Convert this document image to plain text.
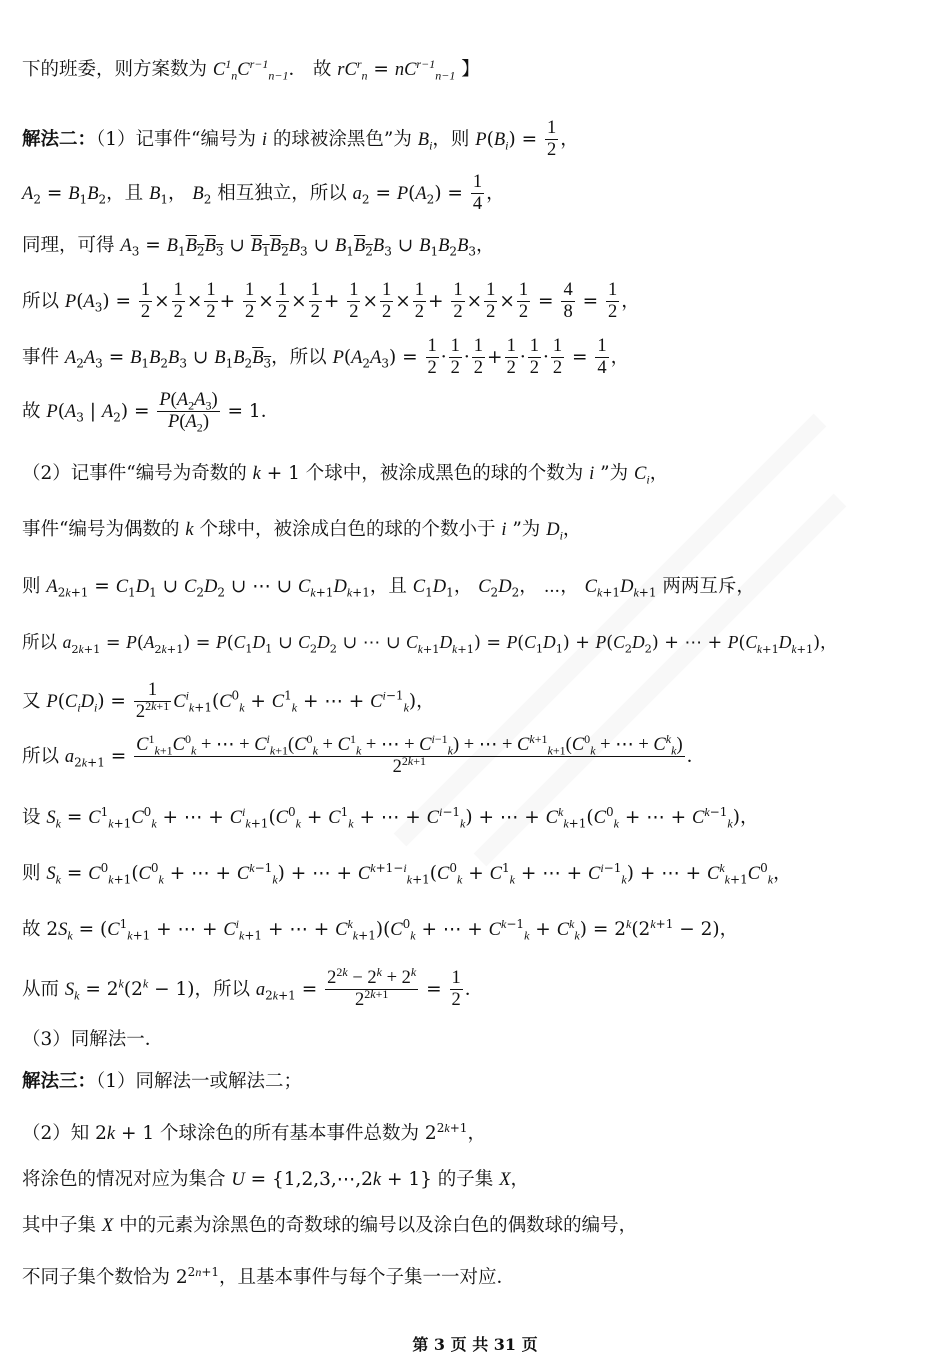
下的班委，则方案数为 $C^1_nC^{r-1}_{n-1}$． 故 $rC^r_n = nC^{r-1}_{n-1}$ 】
解法二：（1）记事件“编号为 i 的球被涂黑色”为 $B_i$，则 $P(B_i) = \frac{1}{2}$ ，
$A_2 = B_1B_2$，且 $B_1$， $B_2$ 相互独立，所以 $a_2 = P(A_2) = \frac{1}{4}$ ，
同理，可得 $A_3 = B_1B_2B_3$ ∪ $B_1B_2B_3$ ∪ $B_1B_2B_3$ ∪ $B_1B_2B_3$，
所以 $P(A_3) = \frac{1}{2} \times \frac{1}{2} \times \frac{1}{2} + \frac{1}{2} \times \frac{1}{2} \times \frac{1}{2} + \frac{1}{2} \times \frac{1}{2} \times \frac{1}{2} + \frac{1}{2} \times \frac{1}{2} \times \frac{1}{2} = \frac{4}{8} = \frac{1}{2}$ ，
事件 $A_2A_3 = B_1B_2B_3$ ∪ $B_1B_2B_3$，所以 $P(A_2A_3) = \frac{1}{2} \cdot \frac{1}{2} \cdot \frac{1}{2} + \frac{1}{2} \cdot \frac{1}{2} \cdot \frac{1}{2} = \frac{1}{4}$ ，
故 $P(A_3$ | $A_2) = \frac{P(A_2A_3)}{P(A_2)} = 1$．
（2）记事件“编号为奇数的 k + 1 个球中，被涂成黑色的球的个数为 i ”为 $C_i$，
事件“编号为偶数的 k 个球中，被涂成白色的球的个数小于 i ”为 $D_i$，
则 $A_{2k+1} = C_1D_1$ ∪ $C_2D_2$ ∪ ⋯ ∪ $C_{k+1}D_{k+1}$，且 $C_1D_1$， $C_2D_2$， ⋯， $C_{k+1}D_{k+1}$ 两两互斥，
所以 $a_{2k+1} = P(A_{2k+1}) = P(C_1D_1$ ∪ $C_2D_2$ ∪ ⋯ ∪ $C_{k+1}D_{k+1}) = P(C_1D_1) + P(C_2D_2)$ + ⋯ + $P(C_{k+1}D_{k+1})$，
又 $P(C_iD_i) = \frac{1}{2^{2k+1}} C^i_{k+1}(C^0_k + C^1_k$ + ⋯ + $C^{i-1}_k$)，
所以 $a_{2k+1}$ =
$C^1_{k+1}C^0_k$ + ⋯ + $C^i_{k+1}(C^0_k + C^1_k$ + ⋯ + $C^{i-1}_k$) + ⋯ + $C^{k+1}_{k+1}(C^0_k$ + ⋯ + $C^k_k$)
$2^{2k+1}$	．
设 $S_k = C^1_{k+1}C^0_k$ + ⋯ + $C^i_{k+1}(C^0_k + C^1_k$ + ⋯ + $C^{i-1}_k$) + ⋯ + $C^k_{k+1}(C^0_k$ + ⋯ + $C^{k-1}_k$)，
则 $S_k = C^0_{k+1}(C^0_k$ + ⋯ + $C^{k-1}_k$) + ⋯ + $C^{k+1-i}_{k+1}(C^0_k + C^1_k$ + ⋯ + $C^{i-1}_k$) + ⋯ + $C^k_{k+1}C^0_k$，
故 $2S_k = (C^1_{k+1}$ + ⋯ + $C^i_{k+1}$ + ⋯ + $C^k_{k+1})(C^0_k$ + ⋯ + $C^{k-1}_k + C^k_k) = 2^k(2^{k+1} - 2)$，
从而 $S_k = 2^k(2^k - 1)$，所以 $a_{2k+1} = \frac{2^{2k} - 2^k + 2^k}{2^{2k+1}} = \frac{1}{2}$ ．
（3）同解法一．
解法三：（1）同解法一或解法二；
（2）知 2k + 1 个球涂色的所有基本事件总数为 $2^{2k+1}$，
将涂色的情况对应为集合 U = {1,2,3,⋯,2k + 1} 的子集 X，
其中子集 X 中的元素为涂黑色的奇数球的编号以及涂白色的偶数球的编号，
不同子集个数恰为 $2^{2n+1}$，且基本事件与每个子集一一对应．
第 3 页 共 31 页
